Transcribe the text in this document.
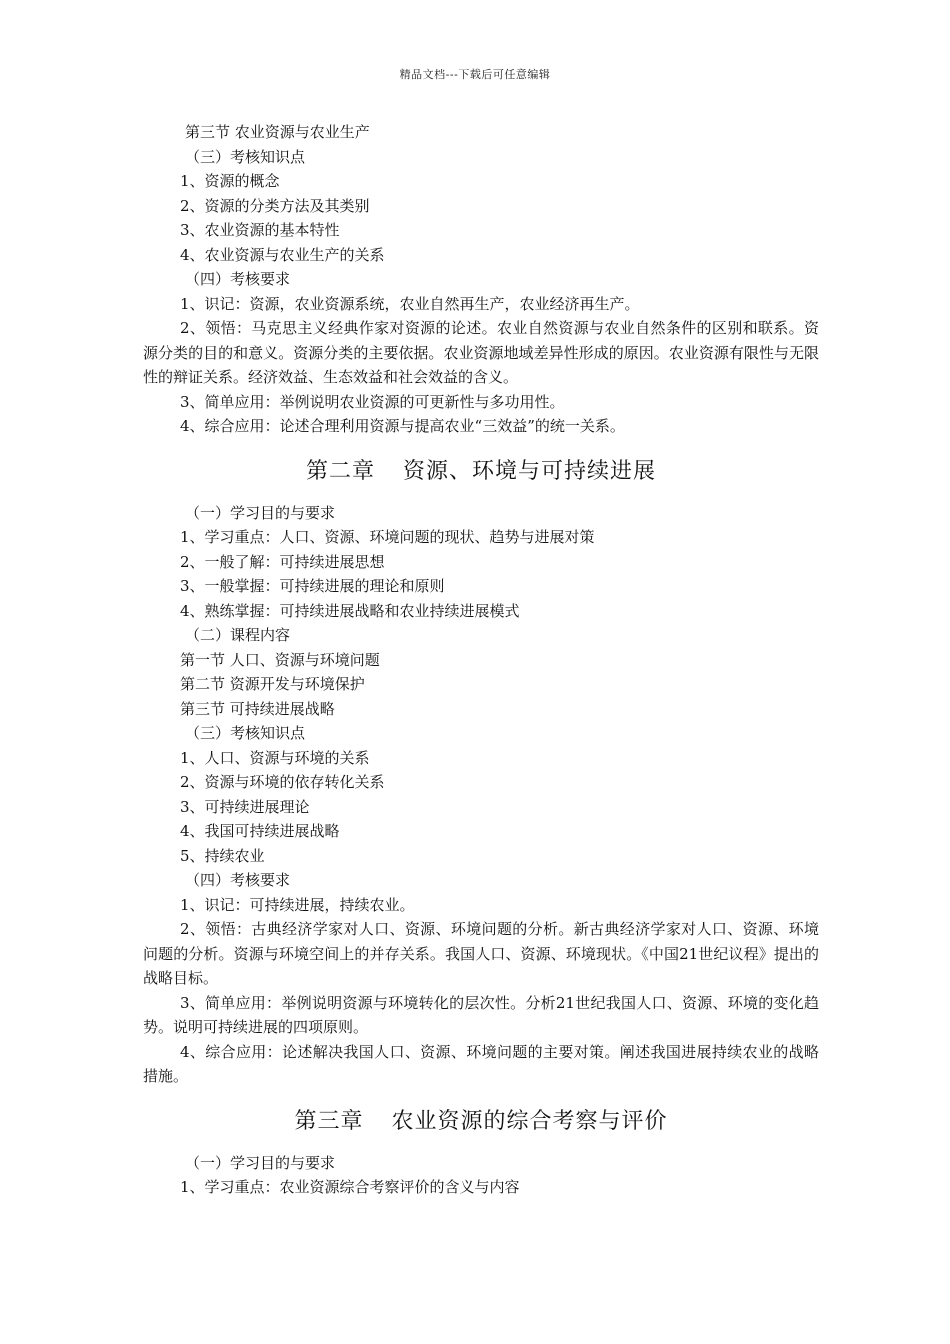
精品文档---下载后可任意编辑
第三节 农业资源与农业生产
（三）考核知识点
1、资源的概念
2、资源的分类方法及其类别
3、农业资源的基本特性
4、农业资源与农业生产的关系
（四）考核要求
1、识记：资源，农业资源系统，农业自然再生产，农业经济再生产。
2、领悟：马克思主义经典作家对资源的论述。农业自然资源与农业自然条件的区别和联系。资源分类的目的和意义。资源分类的主要依据。农业资源地域差异性形成的原因。农业资源有限性与无限性的辩证关系。经济效益、生态效益和社会效益的含义。
3、简单应用：举例说明农业资源的可更新性与多功用性。
4、综合应用：论述合理利用资源与提高农业“三效益”的统一关系。
第二章 资源、环境与可持续进展
（一）学习目的与要求
1、学习重点：人口、资源、环境问题的现状、趋势与进展对策
2、一般了解：可持续进展思想
3、一般掌握：可持续进展的理论和原则
4、熟练掌握：可持续进展战略和农业持续进展模式
（二）课程内容
第一节 人口、资源与环境问题
第二节 资源开发与环境保护
第三节 可持续进展战略
（三）考核知识点
1、人口、资源与环境的关系
2、资源与环境的依存转化关系
3、可持续进展理论
4、我国可持续进展战略
5、持续农业
（四）考核要求
1、识记：可持续进展，持续农业。
2、领悟：古典经济学家对人口、资源、环境问题的分析。新古典经济学家对人口、资源、环境问题的分析。资源与环境空间上的并存关系。我国人口、资源、环境现状。《中国21世纪议程》提出的战略目标。
3、简单应用：举例说明资源与环境转化的层次性。分析21世纪我国人口、资源、环境的变化趋势。说明可持续进展的四项原则。
4、综合应用：论述解决我国人口、资源、环境问题的主要对策。阐述我国进展持续农业的战略措施。
第三章 农业资源的综合考察与评价
（一）学习目的与要求
1、学习重点：农业资源综合考察评价的含义与内容
